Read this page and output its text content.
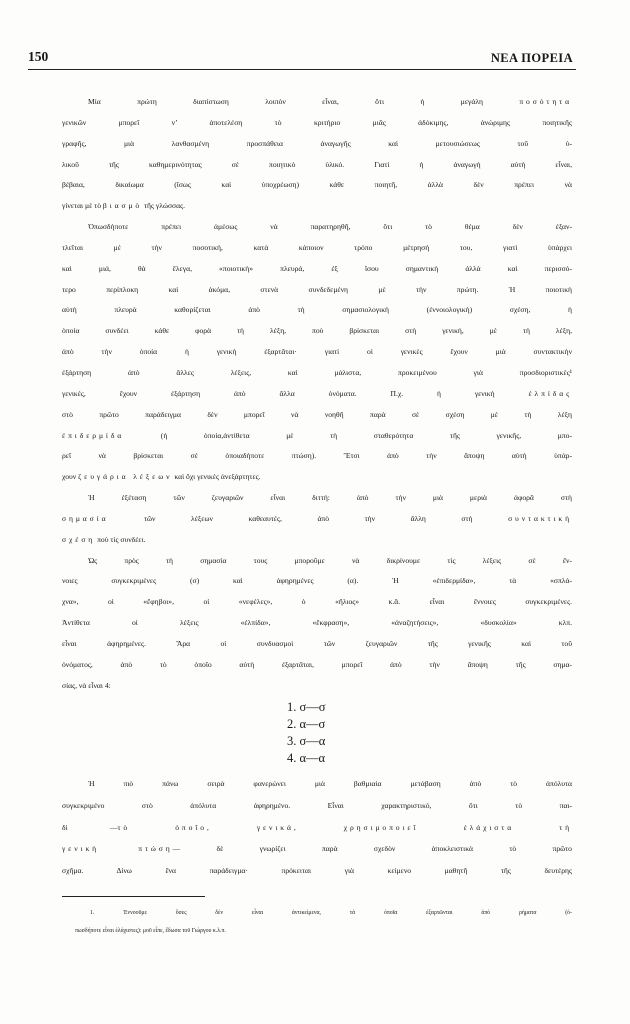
150	ΝΕΑ ΠΟΡΕΙΑ
Μία πρώτη διαπίστωση λοιπὸν εἶναι, ὅτι ἡ μεγάλη ποσότητα
γενικῶν μπορεῖ ν’ ἀποτελέση τὸ κριτήριο μιᾶς ἀδόκιμης, ἀνώριμης ποιητικῆς
γραφῆς, μιὰ λανθασμένη προσπάθεια ἀναγωγῆς καὶ μετουσιώσεως τοῦ ὑ-
λικοῦ τῆς καθημερινότητας σὲ ποιητικὸ ὑλικό. Γιατὶ ἡ ἀναγωγὴ αὐτὴ εἶναι,
βέβαια, δικαίωμα (ἴσως καὶ ὑποχρέωση) κάθε ποιητῆ, ἀλλὰ δὲν πρέπει νὰ
γίνεται μὲ τὸ βιασμὸ τῆς γλώσσας.
Ὁπωσδήποτε πρέπει ἀμέσως νὰ παρατηρηθῆ, ὅτι τὸ θέμα δὲν ἐξαν-
τλεῖται μὲ τὴν ποσοτική, κατὰ κάποιον τρόπο μέτρησή του, γιατὶ ὑπάρχει
καὶ μιά, θὰ ἔλεγα, «ποιοτικὴ» πλευρά, ἐξ ἴσου σημαντικὴ ἀλλὰ καὶ περισσό-
τερο περίπλοκη καὶ ἀκόμα, στενὰ συνδεδεμένη μὲ τὴν πρώτη. Ἡ ποιοτικὴ
αὐτὴ πλευρὰ καθορίζεται ἀπὸ τὴ σημασιολογικὴ (ἐννοιολογικὴ) σχέση, ἡ
ὁποία συνδέει κάθε φορὰ τὴ λέξη, ποὺ βρίσκεται στὴ γενική, μὲ τὴ λέξη,
ἀπὸ τὴν ὁποία ἡ γενικὴ ἐξαρτᾶται· γιατὶ οἱ γενικὲς ἔχουν μιὰ συντακτικὴν
ἐξάρτηση ἀπὸ ἄλλες λέξεις, καὶ μάλιστα, προκειμένου γιὰ προσδιοριστικὲς¹
γενικές, ἔχουν ἐξάρτηση ἀπὸ ἄλλα ὀνόματα. Π.χ. ἡ γενικὴ ἐλπίδας
στὸ πρῶτο παράδειγμα δὲν μπορεῖ νὰ νοηθῆ παρὰ σὲ σχέση μὲ τὴ λέξη
ἐπιδερμίδα (ἡ ὁποία,ἀντίθετα μὲ τὴ σταθερότητα τῆς γενικῆς, μπο-
ρεῖ νὰ βρίσκεται σὲ ὁποιαδήποτε πτώση). Ἔτσι ἀπὸ τὴν ἄποψη αὐτὴ ὑπάρ-
χουν ζευγάρια λέξεων καὶ ὄχι γενικὲς ἀνεξάρτητες.
Ἡ ἐξέταση τῶν ζευγαριῶν εἶναι διττή: ἀπὸ τὴν μιὰ μεριὰ ἀφορᾶ στὴ
σημασία τῶν λέξεων καθεαυτές, ἀπὸ τὴν ἄλλη στὴ συντακτικὴ
σχέση ποὺ τὶς συνδέει.
Ὡς πρὸς τὴ σημασία τους μποροῦμε νὰ δικρίνουμε τὶς λέξεις σὲ ἔν-
νοιες συγκεκριμένες (σ) καὶ ἀφηρημένες (α). Ἡ «ἐπιδερμίδα», τὰ «σπλά-
χνα», οἱ «ἔφηβοι», οἱ «νεφέλες», ὁ «ἥλιος» κ.ἄ. εἶναι ἔννοιες συγκεκριμένες.
Ἀντίθετα οἱ λέξεις «ἐλπίδα», «ἔκφραση», «ἀναζητήσεις», «δυσκολία» κλπ.
εἶναι ἀφηρημένες. Ἄρα οἱ συνδυασμοὶ τῶν ζευγαριῶν τῆς γενικῆς καὶ τοῦ
ὀνόματος, ἀπὸ τὸ ὁποῖο αὐτὴ ἐξαρτᾶται, μπορεῖ ἀπὸ τὴν ἄποψη τῆς σημα-
σίας, νὰ εἶναι 4:
1. σ—σ
2. α—σ
3. σ—α
4. α—α
Ἡ πιὸ πάνω σειρὰ φανερώνει μιὰ βαθμιαία μετάβαση ἀπὸ τὸ ἀπόλυτα
συγκεκριμένο στὸ ἀπόλυτα ἀφηρημένο. Εἶναι χαρακτηριστικό, ὅτι τὸ παι-
δὶ —τὸ ὁποῖο, γενικά, χρησιμοποιεῖ ἐλάχιστα τὴ
γενικὴ πτώση— δὲ γνωρίζει παρὰ σχεδὸν ἀποκλειστικὰ τὸ πρῶτο
σχῆμα. Δίνω ἕνα παράδειγμα· πρόκειται γιὰ κείμενο μαθητῆ τῆς δευτέρης
1. Ἐννοοῦμε ὅσες δὲν εἶναι ἀντικείμενα, τὰ ὁποῖα ἐξαρτῶνται ἀπὸ ρήματα (ὁ-
πωσδήποτε εἶναι ἐλάχιστες): μοῦ εἶπε, ἔδωσα τοῦ Γιώργου κ.λ.π.
